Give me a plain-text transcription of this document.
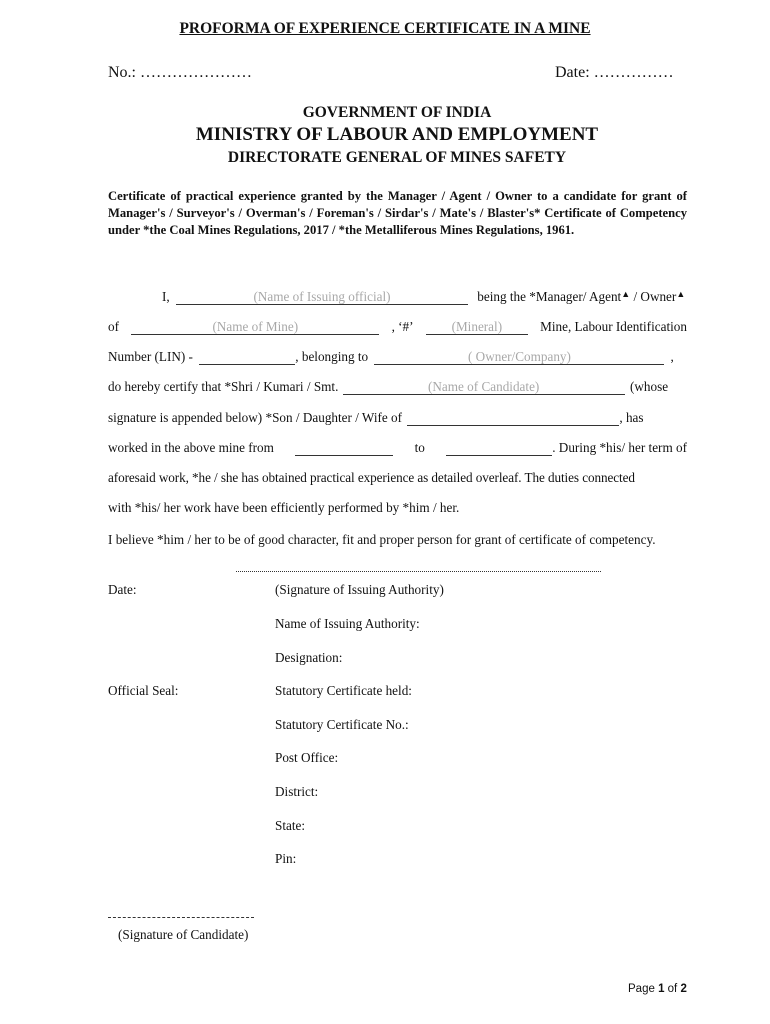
PROFORMA OF EXPERIENCE CERTIFICATE IN A MINE
No.: …………………	Date: ……………
GOVERNMENT OF INDIA
MINISTRY OF LABOUR AND EMPLOYMENT
DIRECTORATE GENERAL OF MINES SAFETY
Certificate of practical experience granted by the Manager / Agent / Owner to a candidate for grant of Manager's / Surveyor's / Overman's / Foreman's / Sirdar's / Mate's / Blaster's* Certificate of Competency under *the Coal Mines Regulations, 2017 / *the Metalliferous Mines Regulations, 1961.
I,	(Name of Issuing official)	being the *Manager/ Agent▲ / Owner▲
of	(Name of Mine)	, ‘#’	(Mineral)	Mine, Labour Identification
Number (LIN) -	, belonging to	( Owner/Company)	,
do hereby certify that *Shri / Kumari / Smt.	(Name of Candidate)	(whose
signature is appended below) *Son / Daughter / Wife of	, has
worked in the above mine from
	to	. During *his/ her term of
aforesaid work, *he / she has obtained practical experience as detailed overleaf. The duties connected
with *his/ her work have been efficiently performed by *him / her.
I believe *him / her to be of good character, fit and proper person for grant of certificate of competency.
Date:	(Signature of Issuing Authority)
Name of Issuing Authority:
Designation:
Official Seal:	Statutory Certificate held:
Statutory Certificate No.:
Post Office:
District:
State:
Pin:
(Signature of Candidate)
Page 1 of 2
